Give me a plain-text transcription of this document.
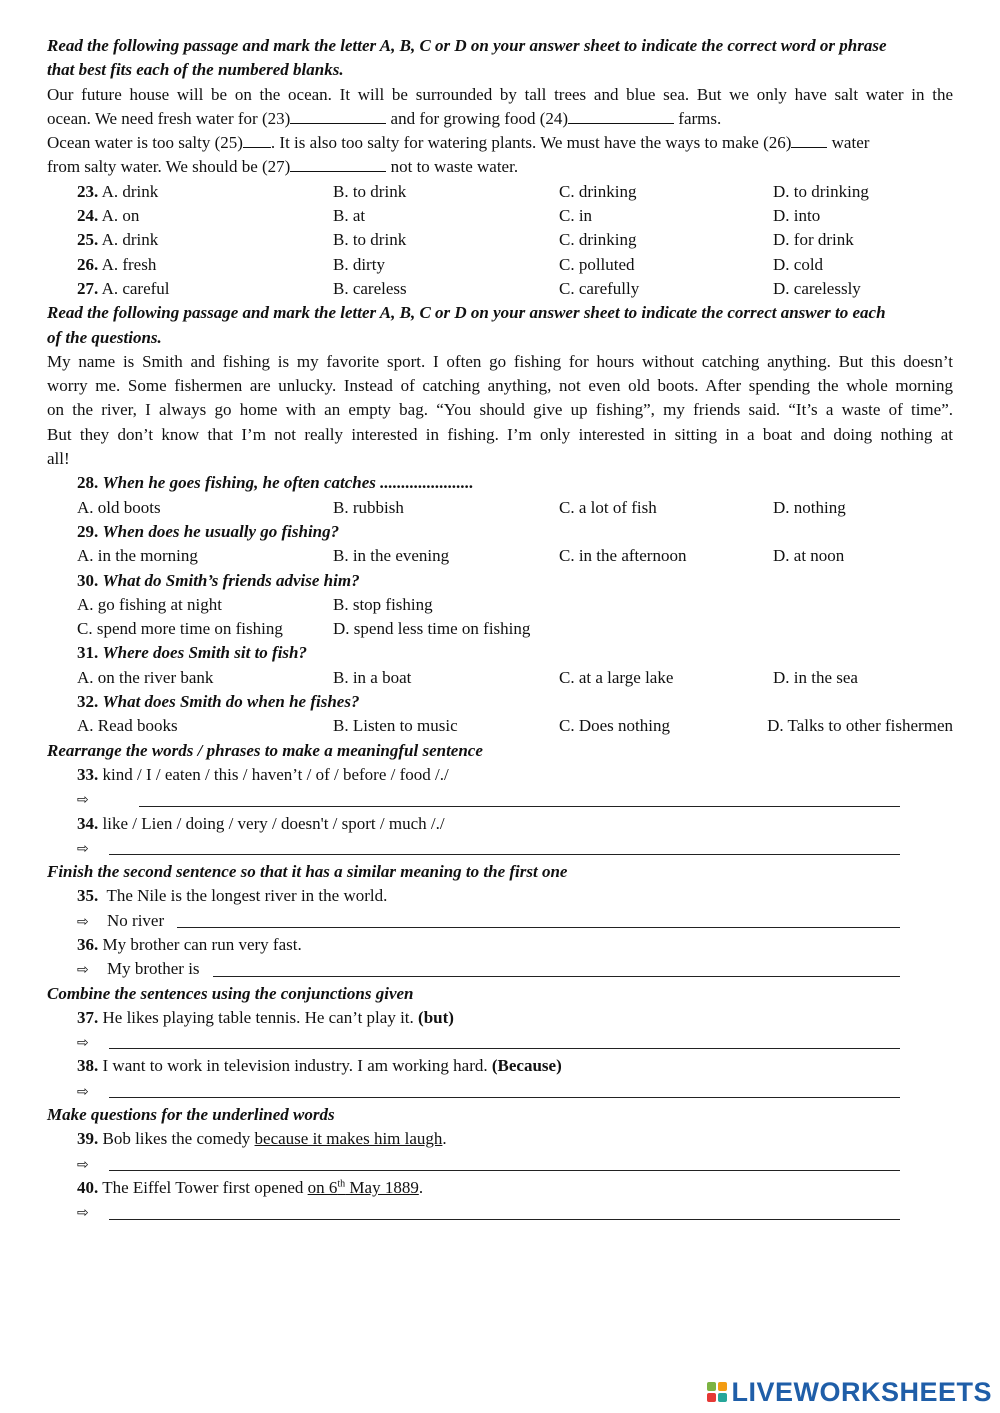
Read the following passage and mark the letter A, B, C or D on your answer sheet to indicate the correct word or phrase
that best fits each of the numbered blanks.
Our future house will be on the ocean. It will be surrounded by tall trees and blue sea. But we only have salt water in the
ocean. We need fresh water for (23)	and for growing food (24)	farms.
Ocean water is too salty (25) . It is also too salty for watering plants. We must have the ways to make (26) water
from salty water. We should be (27)	not to waste water.
23. A. drink	B. to drink	C. drinking	D. to drinking
24. A. on	B. at	C. in	D. into
25. A. drink	B. to drink	C. drinking	D. for drink
26. A. fresh	B. dirty	C. polluted	D. cold
27. A. careful	B. careless	C. carefully	D. carelessly
Read the following passage and mark the letter A, B, C or D on your answer sheet to indicate the correct answer to each
of the questions.
My name is Smith and fishing is my favorite sport. I often go fishing for hours without catching anything. But this doesn’t
worry me. Some fishermen are unlucky. Instead of catching anything, not even old boots. After spending the whole morning
on the river, I always go home with an empty bag. “You should give up fishing”, my friends said. “It’s a waste of time”.
But they don’t know that I’m not really interested in fishing. I’m only interested in sitting in a boat and doing nothing at
all!
28. When he goes fishing, he often catches ......................
A. old boots	B. rubbish	C. a lot of fish	D. nothing
29. When does he usually go fishing?
A. in the morning	B. in the evening	C. in the afternoon	D. at noon
30. What do Smith’s friends advise him?
A. go fishing at night	B. stop fishing
C. spend more time on fishing	D. spend less time on fishing
31. Where does Smith sit to fish?
A. on the river bank	B. in a boat	C. at a large lake	D. in the sea
32. What does Smith do when he fishes?
A. Read books	B. Listen to music	C. Does nothing	D. Talks to other fishermen
Rearrange the words / phrases to make a meaningful sentence
33. kind / I / eaten / this / haven’t / of / before / food /./
⇨
34. like / Lien / doing / very / doesn't / sport / much /./
⇨
Finish the second sentence so that it has a similar meaning to the first one
35. The Nile is the longest river in the world.
⇨ No river
36. My brother can run very fast.
⇨ My brother is
Combine the sentences using the conjunctions given
37. He likes playing table tennis. He can’t play it. (but)
⇨
38. I want to work in television industry. I am working hard. (Because)
⇨
Make questions for the underlined words
39. Bob likes the comedy because it makes him laugh.
⇨
40. The Eiffel Tower first opened on 6th May 1889.
⇨
LIVEWORKSHEETS
